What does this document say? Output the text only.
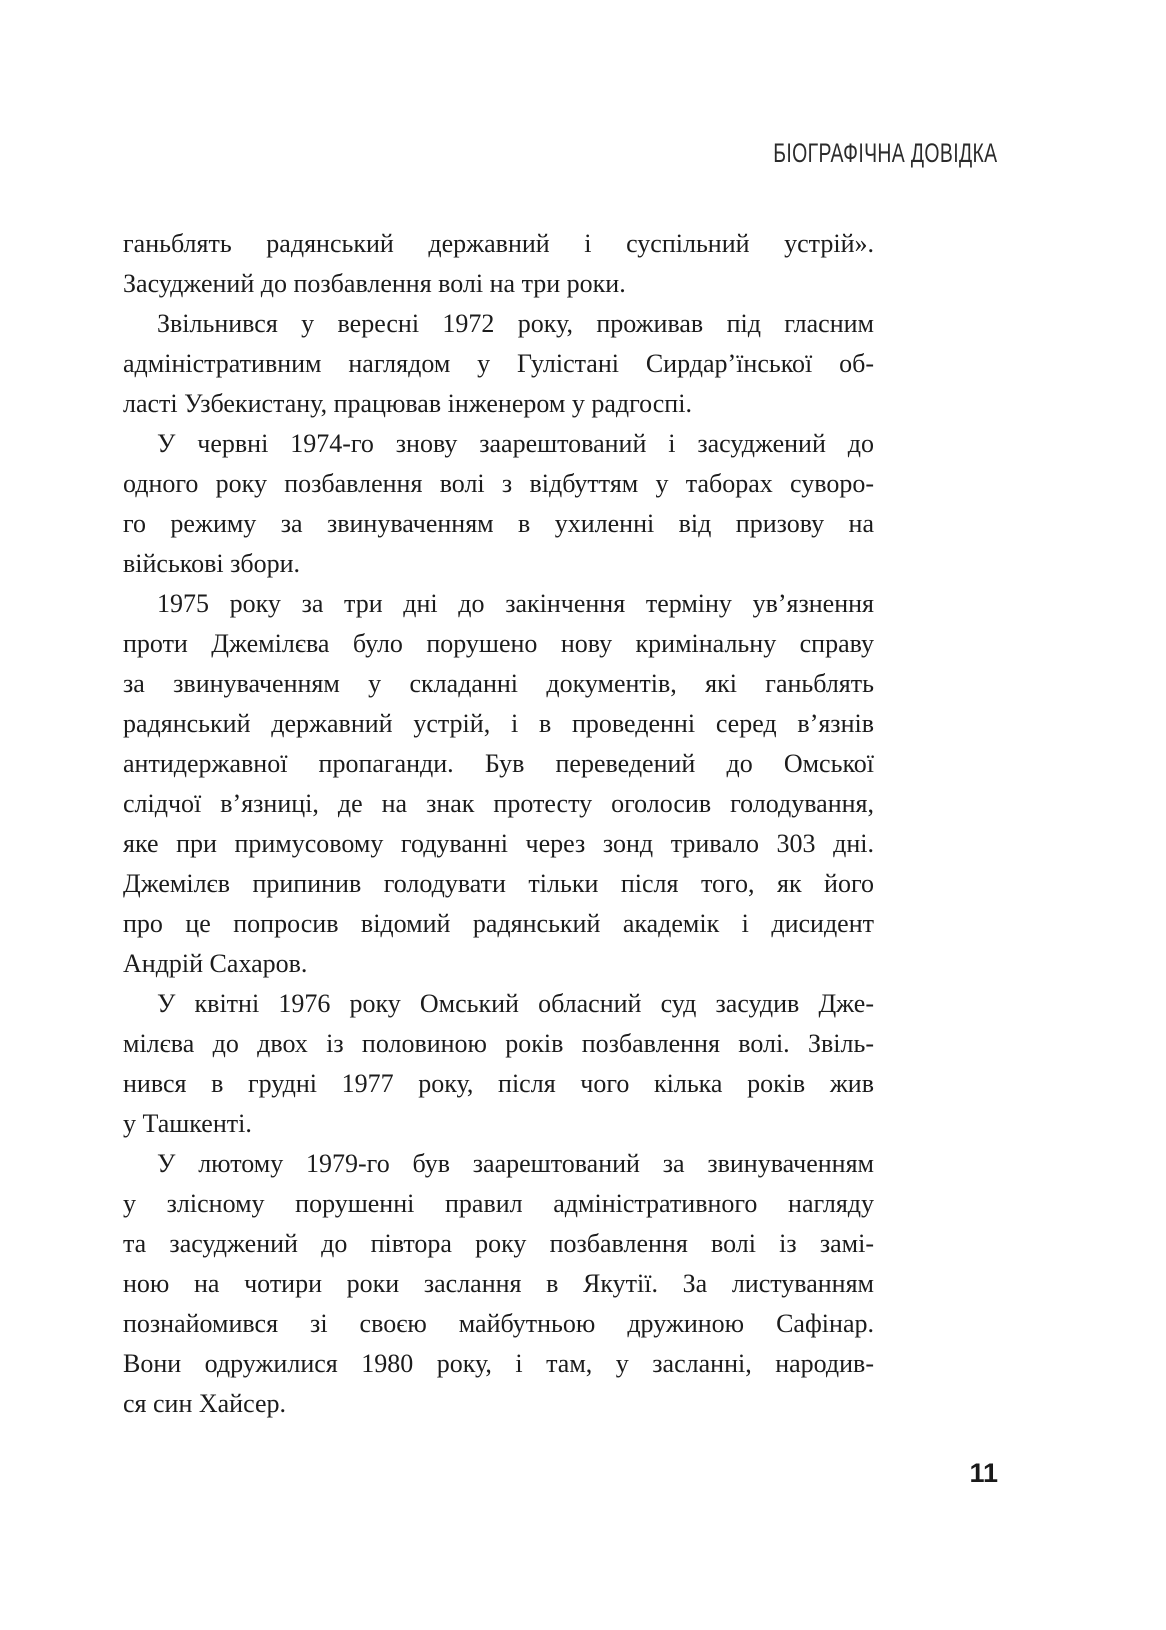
БІОГРАФІЧНА ДОВІДКА
ганьблять радянський державний і суспільний устрій».
Засуджений до позбавлення волі на три роки.
Звільнився у вересні 1972 року, проживав під гласним
адміністративним наглядом у Гулістані Сирдар’їнської об-
ласті Узбекистану, працював інженером у радгоспі.
У червні 1974-го знову заарештований і засуджений до
одного року позбавлення волі з відбуттям у таборах суворо-
го режиму за звинуваченням в ухиленні від призову на
військові збори.
1975 року за три дні до закінчення терміну ув’язнення
проти Джемілєва було порушено нову кримінальну справу
за звинуваченням у складанні документів, які ганьблять
радянський державний устрій, і в проведенні серед в’язнів
антидержавної пропаганди. Був переведений до Омської
слідчої в’язниці, де на знак протесту оголосив голодування,
яке при примусовому годуванні через зонд тривало 303 дні.
Джемілєв припинив голодувати тільки після того, як його
про це попросив відомий радянський академік і дисидент
Андрій Сахаров.
У квітні 1976 року Омський обласний суд засудив Дже-
мілєва до двох із половиною років позбавлення волі. Звіль-
нився в грудні 1977 року, після чого кілька років жив
у Ташкенті.
У лютому 1979-го був заарештований за звинуваченням
у злісному порушенні правил адміністративного нагляду
та засуджений до півтора року позбавлення волі із замі-
ною на чотири роки заслання в Якутії. За листуванням
познайомився зі своєю майбутньою дружиною Сафінар.
Вони одружилися 1980 року, і там, у засланні, народив-
ся син Хайсер.
11
